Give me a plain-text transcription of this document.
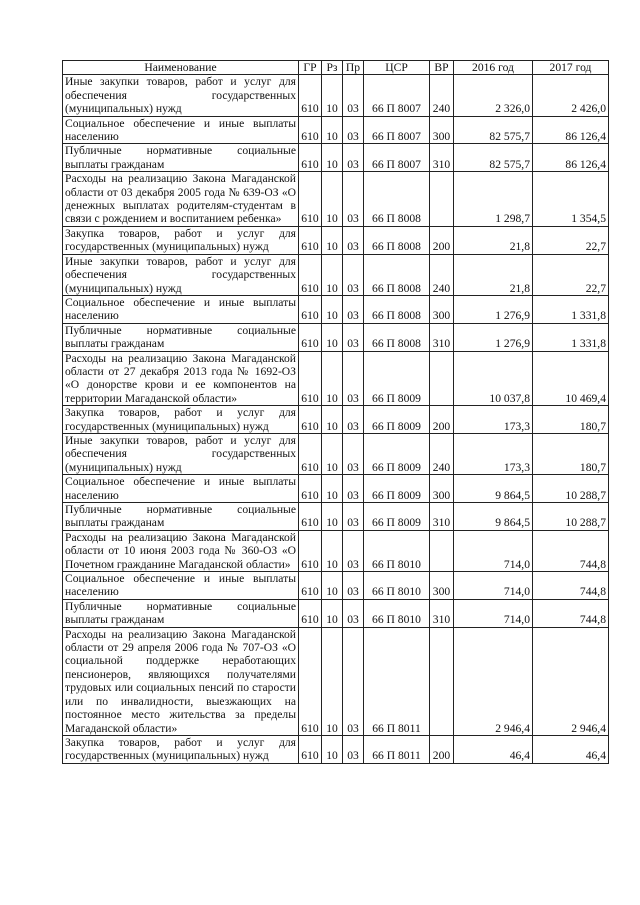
Наименование	ГР	Рз	Пр	ЦСР	ВР	2016 год	2017 год
Иные закупки товаров, работ и услуг для обеспечения государственных (муниципальных) нужд	610	10	03	66 П 8007	240	2 326,0	2 426,0
Социальное обеспечение и иные выплаты населению	610	10	03	66 П 8007	300	82 575,7	86 126,4
Публичные нормативные социальные выплаты гражданам	610	10	03	66 П 8007	310	82 575,7	86 126,4
Расходы на реализацию Закона Магаданской области от 03 декабря 2005 года № 639-ОЗ «О денежных выплатах родителям-студентам в связи с рождением и воспитанием ребенка»	610	10	03	66 П 8008		1 298,7	1 354,5
Закупка товаров, работ и услуг для государственных (муниципальных) нужд	610	10	03	66 П 8008	200	21,8	22,7
Иные закупки товаров, работ и услуг для обеспечения государственных (муниципальных) нужд	610	10	03	66 П 8008	240	21,8	22,7
Социальное обеспечение и иные выплаты населению	610	10	03	66 П 8008	300	1 276,9	1 331,8
Публичные нормативные социальные выплаты гражданам	610	10	03	66 П 8008	310	1 276,9	1 331,8
Расходы на реализацию Закона Магаданской области от 27 декабря 2013 года № 1692-ОЗ «О донорстве крови и ее компонентов на территории Магаданской области»	610	10	03	66 П 8009		10 037,8	10 469,4
Закупка товаров, работ и услуг для государственных (муниципальных) нужд	610	10	03	66 П 8009	200	173,3	180,7
Иные закупки товаров, работ и услуг для обеспечения государственных (муниципальных) нужд	610	10	03	66 П 8009	240	173,3	180,7
Социальное обеспечение и иные выплаты населению	610	10	03	66 П 8009	300	9 864,5	10 288,7
Публичные нормативные социальные выплаты гражданам	610	10	03	66 П 8009	310	9 864,5	10 288,7
Расходы на реализацию Закона Магаданской области от 10 июня 2003 года № 360-ОЗ «О Почетном гражданине Магаданской области»	610	10	03	66 П 8010		714,0	744,8
Социальное обеспечение и иные выплаты населению	610	10	03	66 П 8010	300	714,0	744,8
Публичные нормативные социальные выплаты гражданам	610	10	03	66 П 8010	310	714,0	744,8
Расходы на реализацию Закона Магаданской области от 29 апреля 2006 года № 707-ОЗ «О социальной поддержке неработающих пенсионеров, являющихся получателями трудовых или социальных пенсий по старости или по инвалидности, выезжающих на постоянное место жительства за пределы Магаданской области»	610	10	03	66 П 8011		2 946,4	2 946,4
Закупка товаров, работ и услуг для государственных (муниципальных) нужд	610	10	03	66 П 8011	200	46,4	46,4
